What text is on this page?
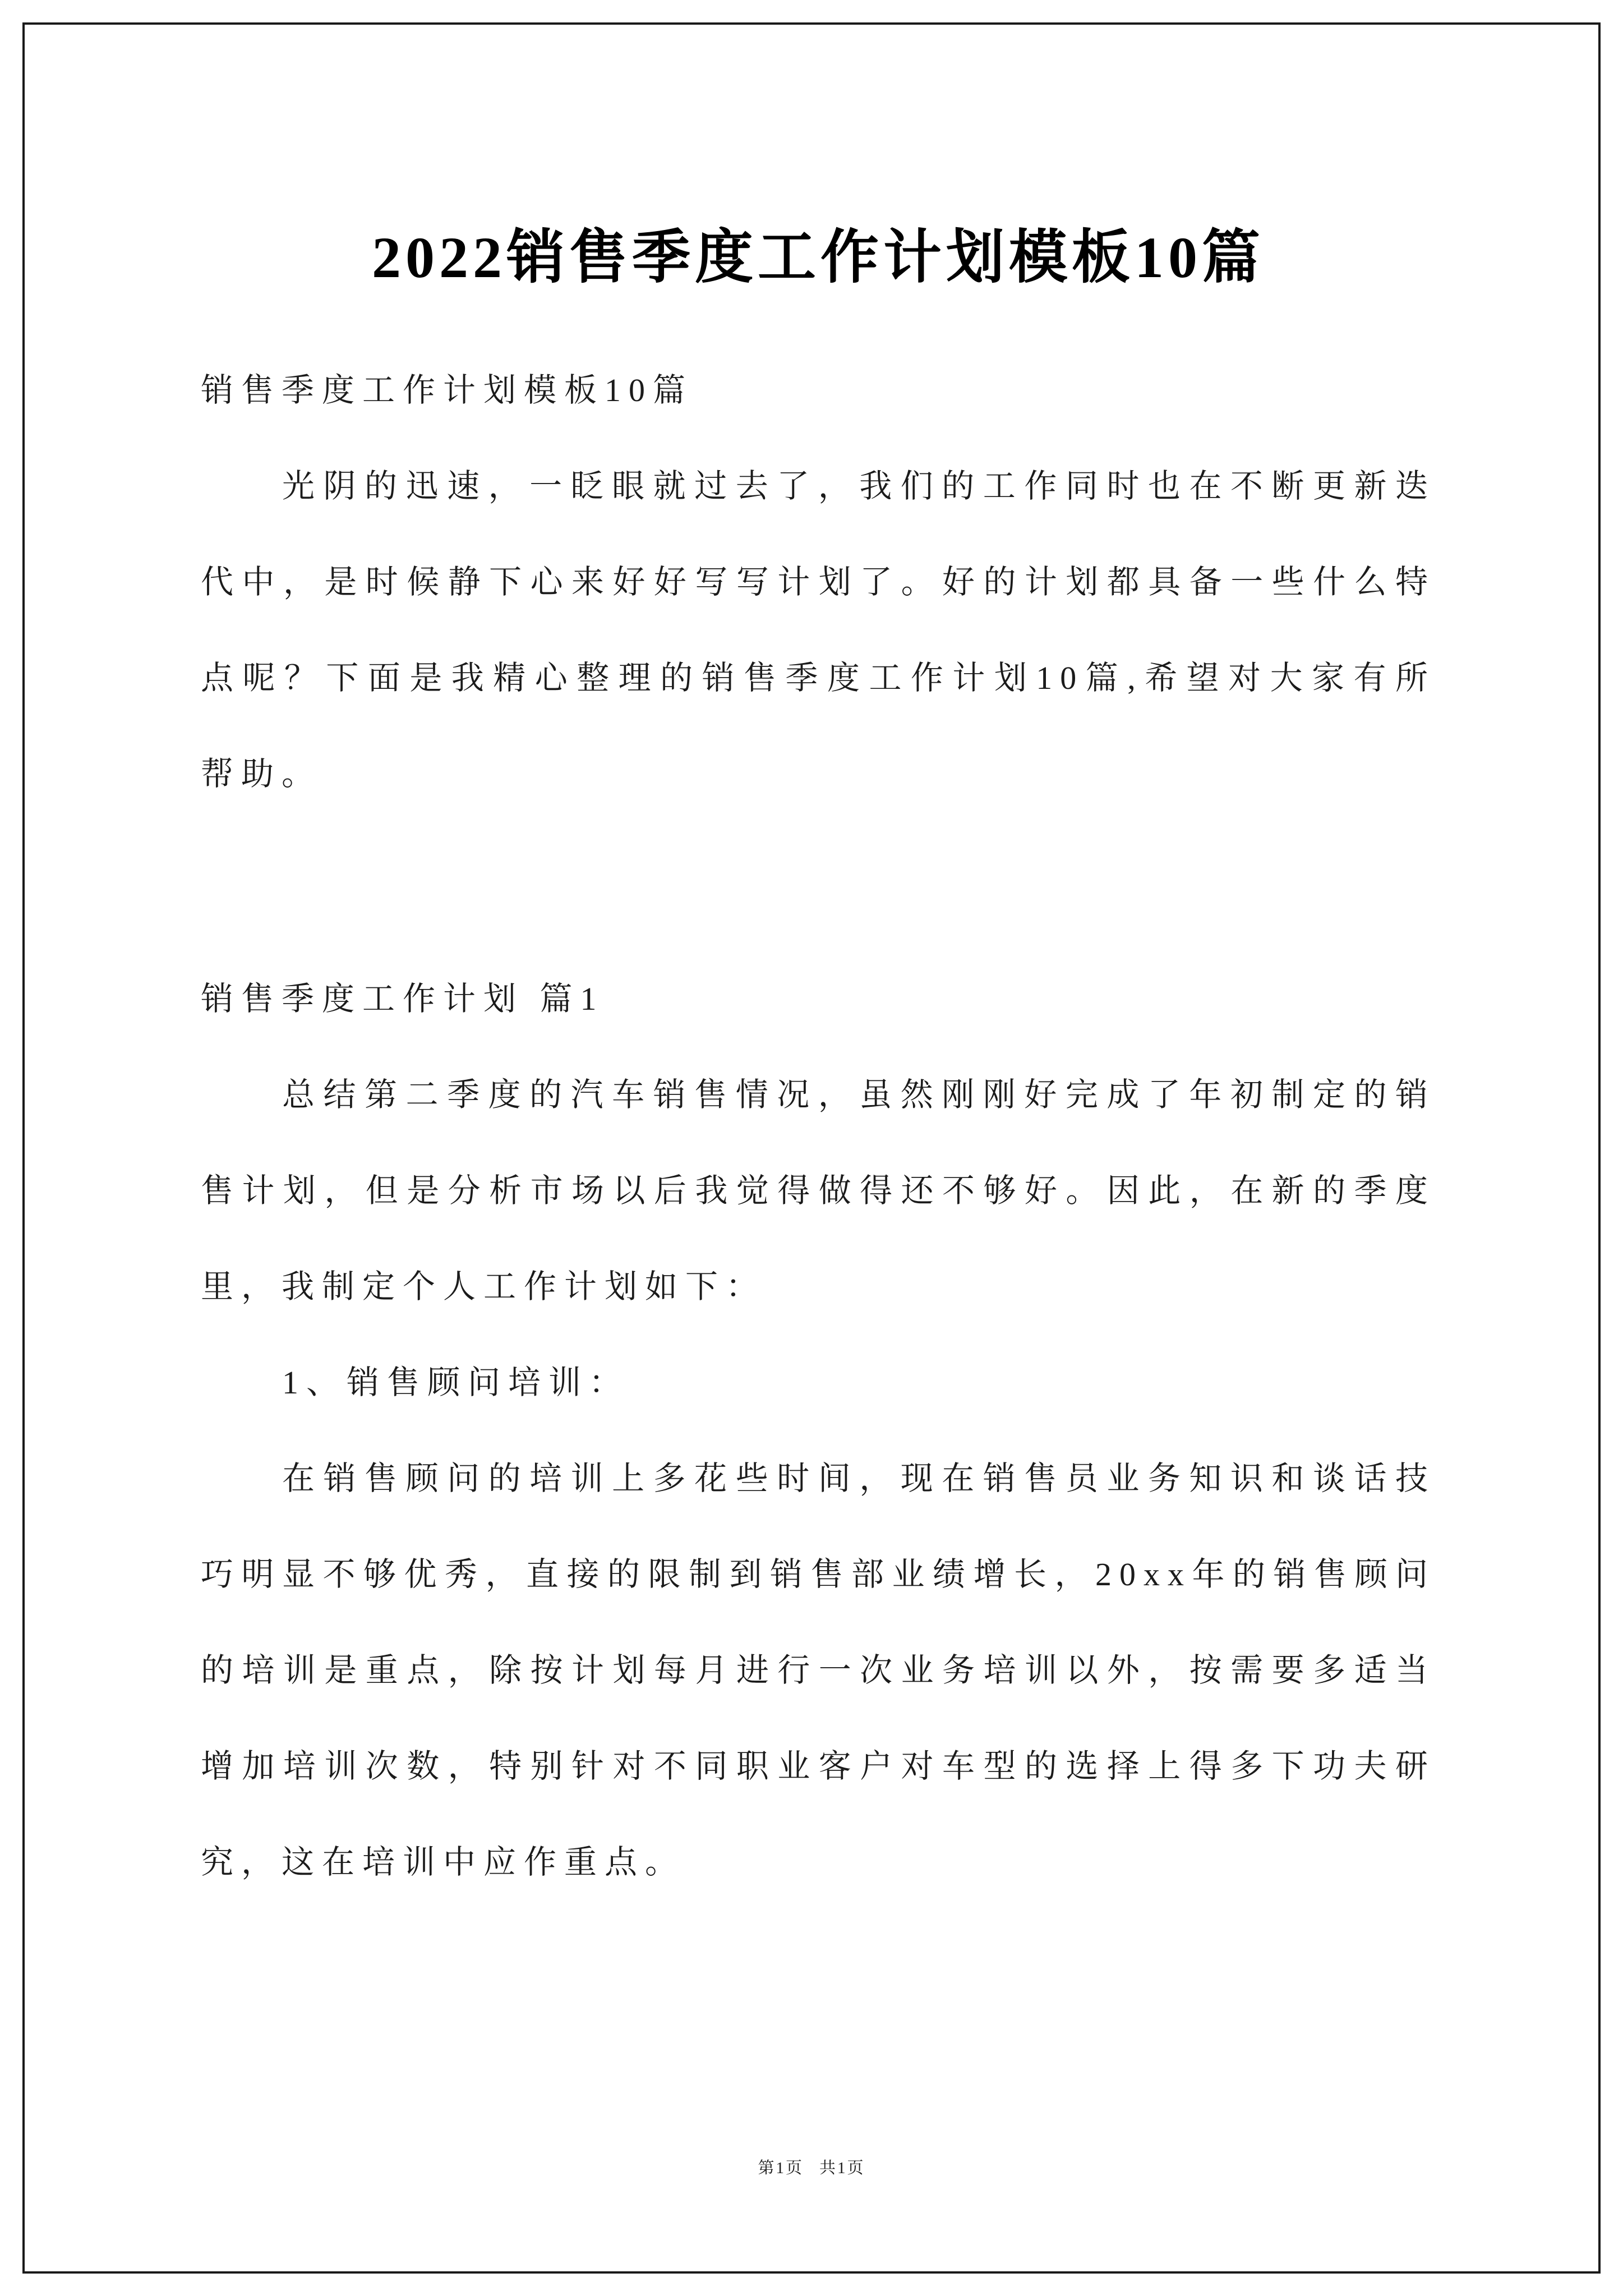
2022销售季度工作计划模板10篇

销售季度工作计划模板10篇

光阴的迅速，一眨眼就过去了，我们的工作同时也在不断更新迭代中，是时候静下心来好好写写计划了。好的计划都具备一些什么特点呢？下面是我精心整理的销售季度工作计划10篇,希望对大家有所帮助。

销售季度工作计划 篇1

总结第二季度的汽车销售情况，虽然刚刚好完成了年初制定的销售计划，但是分析市场以后我觉得做得还不够好。因此，在新的季度里，我制定个人工作计划如下：

1、销售顾问培训：

在销售顾问的培训上多花些时间，现在销售员业务知识和谈话技巧明显不够优秀，直接的限制到销售部业绩增长，20xx年的销售顾问的培训是重点，除按计划每月进行一次业务培训以外，按需要多适当增加培训次数，特别针对不同职业客户对车型的选择上得多下功夫研究，这在培训中应作重点。

第1页 共1页
